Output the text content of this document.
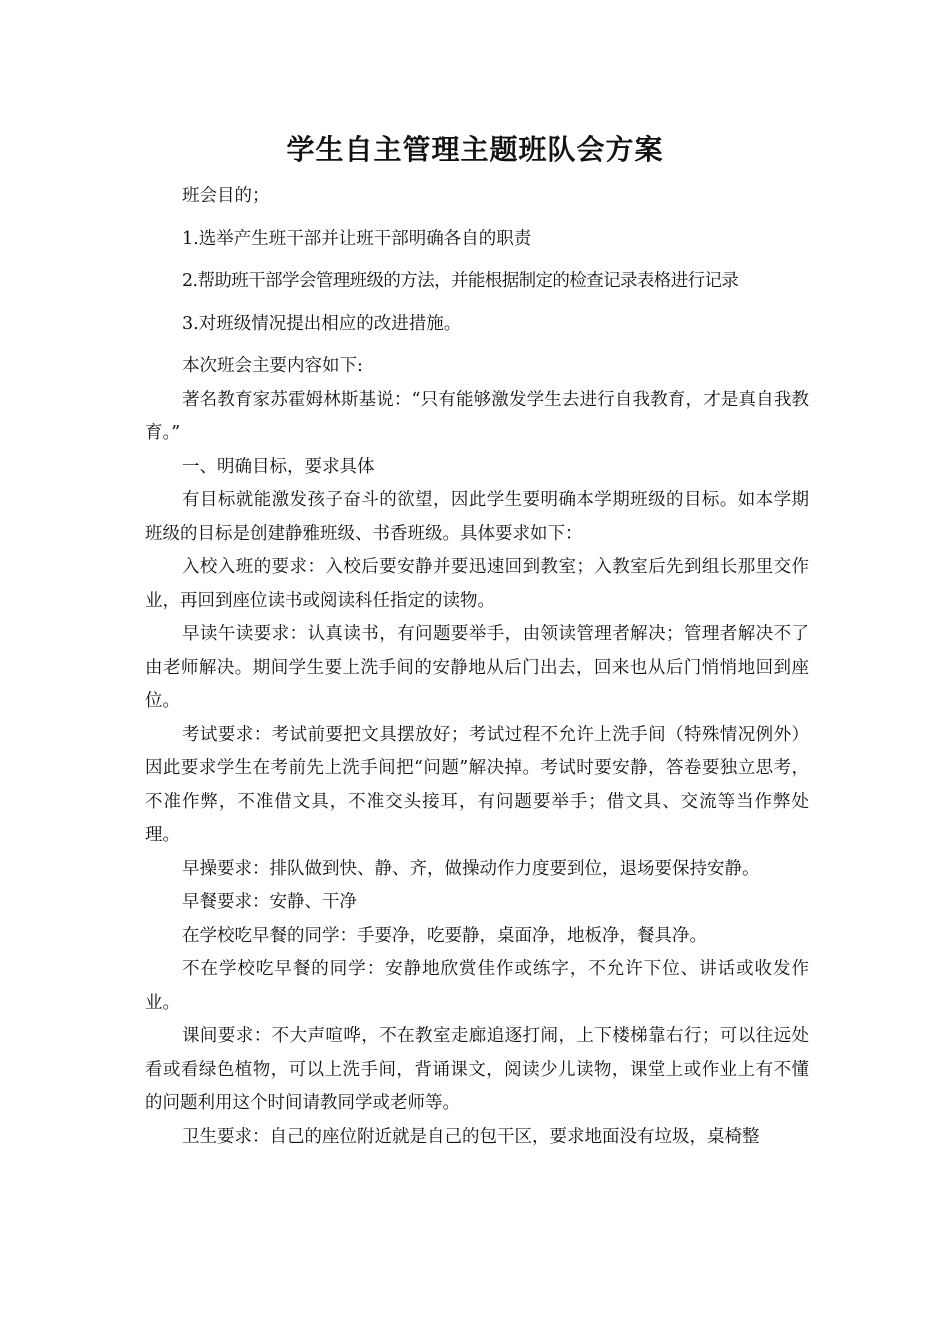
学生自主管理主题班队会方案

班会目的；

1.选举产生班干部并让班干部明确各自的职责

2.帮助班干部学会管理班级的方法，并能根据制定的检查记录表格进行记录

3.对班级情况提出相应的改进措施。

本次班会主要内容如下:

著名教育家苏霍姆林斯基说：“只有能够激发学生去进行自我教育，才是真自我教育。”

一、明确目标，要求具体

有目标就能激发孩子奋斗的欲望，因此学生要明确本学期班级的目标。如本学期班级的目标是创建静雅班级、书香班级。具体要求如下：

入校入班的要求：入校后要安静并要迅速回到教室；入教室后先到组长那里交作业，再回到座位读书或阅读科任指定的读物。

早读午读要求：认真读书，有问题要举手，由领读管理者解决；管理者解决不了由老师解决。期间学生要上洗手间的安静地从后门出去，回来也从后门悄悄地回到座位。

考试要求：考试前要把文具摆放好；考试过程不允许上洗手间（特殊情况例外）因此要求学生在考前先上洗手间把“问题”解决掉。考试时要安静，答卷要独立思考，不准作弊，不准借文具，不准交头接耳，有问题要举手；借文具、交流等当作弊处理。

早操要求：排队做到快、静、齐，做操动作力度要到位，退场要保持安静。

早餐要求：安静、干净

在学校吃早餐的同学：手要净，吃要静，桌面净，地板净，餐具净。

不在学校吃早餐的同学：安静地欣赏佳作或练字，不允许下位、讲话或收发作业。

课间要求：不大声喧哗，不在教室走廊追逐打闹，上下楼梯靠右行；可以往远处看或看绿色植物，可以上洗手间，背诵课文，阅读少儿读物，课堂上或作业上有不懂的问题利用这个时间请教同学或老师等。

卫生要求：自己的座位附近就是自己的包干区，要求地面没有垃圾，桌椅整
